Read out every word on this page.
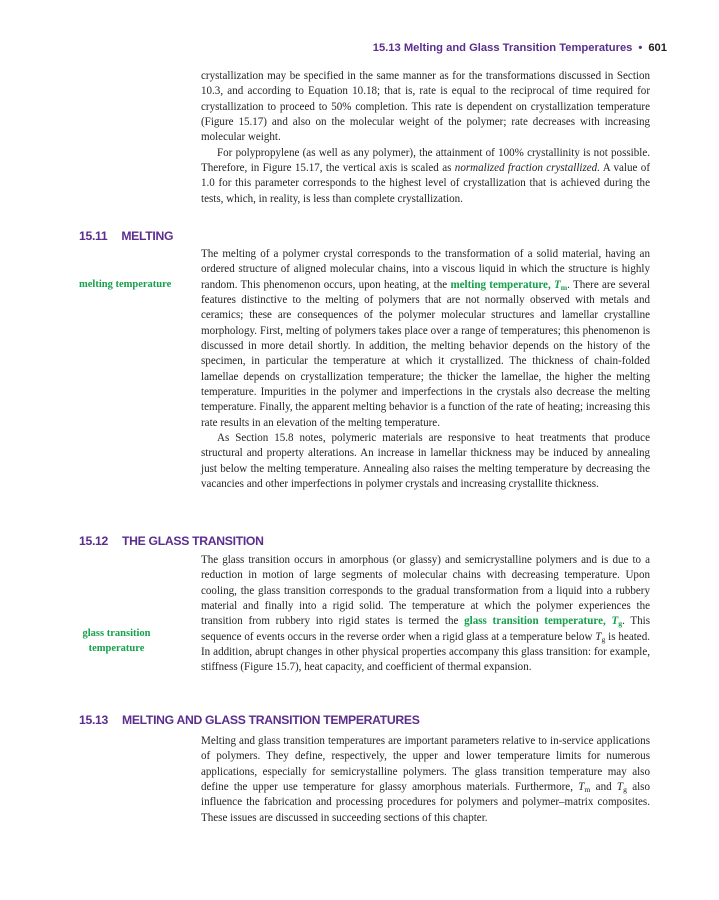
15.13 Melting and Glass Transition Temperatures • 601

crystallization may be specified in the same manner as for the transformations discussed in Section 10.3, and according to Equation 10.18; that is, rate is equal to the reciprocal of time required for crystallization to proceed to 50% completion. This rate is dependent on crystallization temperature (Figure 15.17) and also on the molecular weight of the polymer; rate decreases with increasing molecular weight.

For polypropylene (as well as any polymer), the attainment of 100% crystallinity is not possible. Therefore, in Figure 15.17, the vertical axis is scaled as normalized fraction crystallized. A value of 1.0 for this parameter corresponds to the highest level of crystallization that is achieved during the tests, which, in reality, is less than complete crystallization.

15.11 MELTING
melting temperature

The melting of a polymer crystal corresponds to the transformation of a solid material, having an ordered structure of aligned molecular chains, into a viscous liquid in which the structure is highly random. This phenomenon occurs, upon heating, at the melting temperature, $T_m$. There are several features distinctive to the melting of polymers that are not normally observed with metals and ceramics; these are consequences of the polymer molecular structures and lamellar crystalline morphology. First, melting of polymers takes place over a range of temperatures; this phenomenon is discussed in more detail shortly. In addition, the melting behavior depends on the history of the specimen, in particular the temperature at which it crystallized. The thickness of chain-folded lamellae depends on crystallization temperature; the thicker the lamellae, the higher the melting temperature. Impurities in the polymer and imperfections in the crystals also decrease the melting temperature. Finally, the apparent melting behavior is a function of the rate of heating; increasing this rate results in an elevation of the melting temperature.

As Section 15.8 notes, polymeric materials are responsive to heat treatments that produce structural and property alterations. An increase in lamellar thickness may be induced by annealing just below the melting temperature. Annealing also raises the melting temperature by decreasing the vacancies and other imperfections in polymer crystals and increasing crystallite thickness.

15.12 THE GLASS TRANSITION
glass transition
temperature

The glass transition occurs in amorphous (or glassy) and semicrystalline polymers and is due to a reduction in motion of large segments of molecular chains with decreasing temperature. Upon cooling, the glass transition corresponds to the gradual transformation from a liquid into a rubbery material and finally into a rigid solid. The temperature at which the polymer experiences the transition from rubbery into rigid states is termed the glass transition temperature, $T_g$. This sequence of events occurs in the reverse order when a rigid glass at a temperature below $T_g$ is heated. In addition, abrupt changes in other physical properties accompany this glass transition: for example, stiffness (Figure 15.7), heat capacity, and coefficient of thermal expansion.

15.13 MELTING AND GLASS TRANSITION TEMPERATURES

Melting and glass transition temperatures are important parameters relative to in-service applications of polymers. They define, respectively, the upper and lower temperature limits for numerous applications, especially for semicrystalline polymers. The glass transition temperature may also define the upper use temperature for glassy amorphous materials. Furthermore, $T_m$ and $T_g$ also influence the fabrication and processing procedures for polymers and polymer–matrix composites. These issues are discussed in succeeding sections of this chapter.
